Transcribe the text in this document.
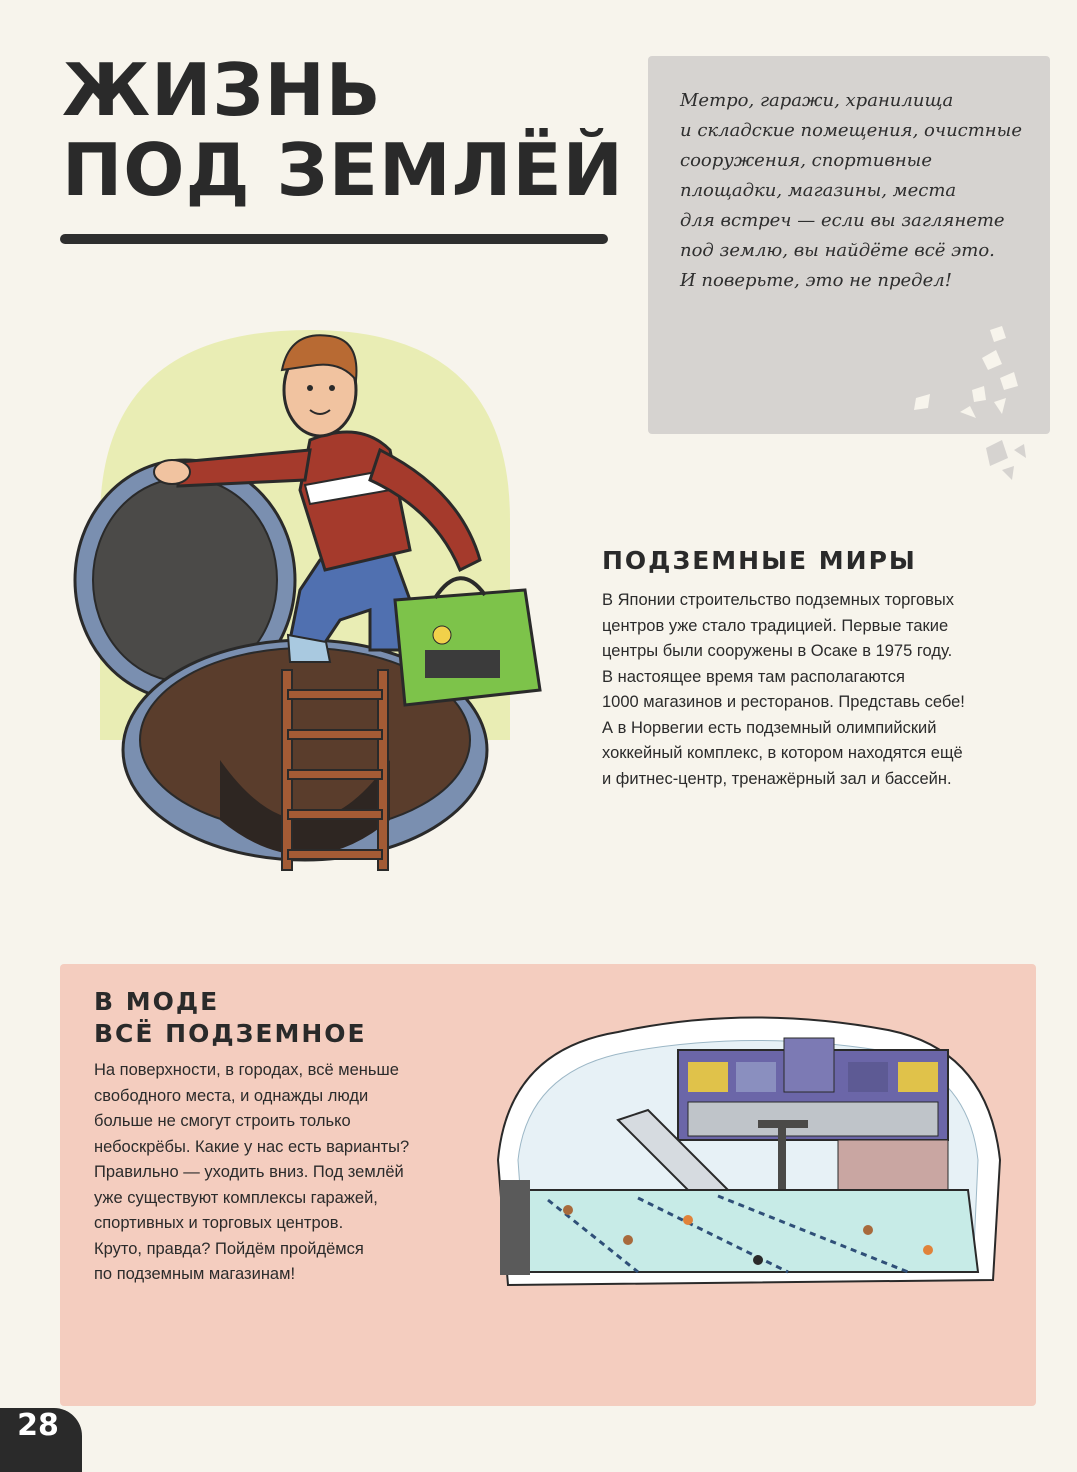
ЖИЗНЬ
ПОД ЗЕМЛЁЙ
Метро, гаражи, хранилища
и складские помещения, очистные
сооружения, спортивные
площадки, магазины, места
для встреч — если вы заглянете
под землю, вы найдёте всё это.
И поверьте, это не предел!
ПОДЗЕМНЫЕ МИРЫ
В Японии строительство подземных торговых
центров уже стало традицией. Первые такие
центры были сооружены в Осаке в 1975 году.
В настоящее время там располагаются
1000 магазинов и ресторанов. Представь себе!
А в Норвегии есть подземный олимпийский
хоккейный комплекс, в котором находятся ещё
и фитнес-центр, тренажёрный зал и бассейн.
В МОДЕ
ВСЁ ПОДЗЕМНОЕ
На поверхности, в городах, всё меньше
свободного места, и однажды люди
больше не смогут строить только
небоскрёбы. Какие у нас есть варианты?
Правильно — уходить вниз. Под землёй
уже существуют комплексы гаражей,
спортивных и торговых центров.
Круто, правда? Пойдём пройдёмся
по подземным магазинам!
28
